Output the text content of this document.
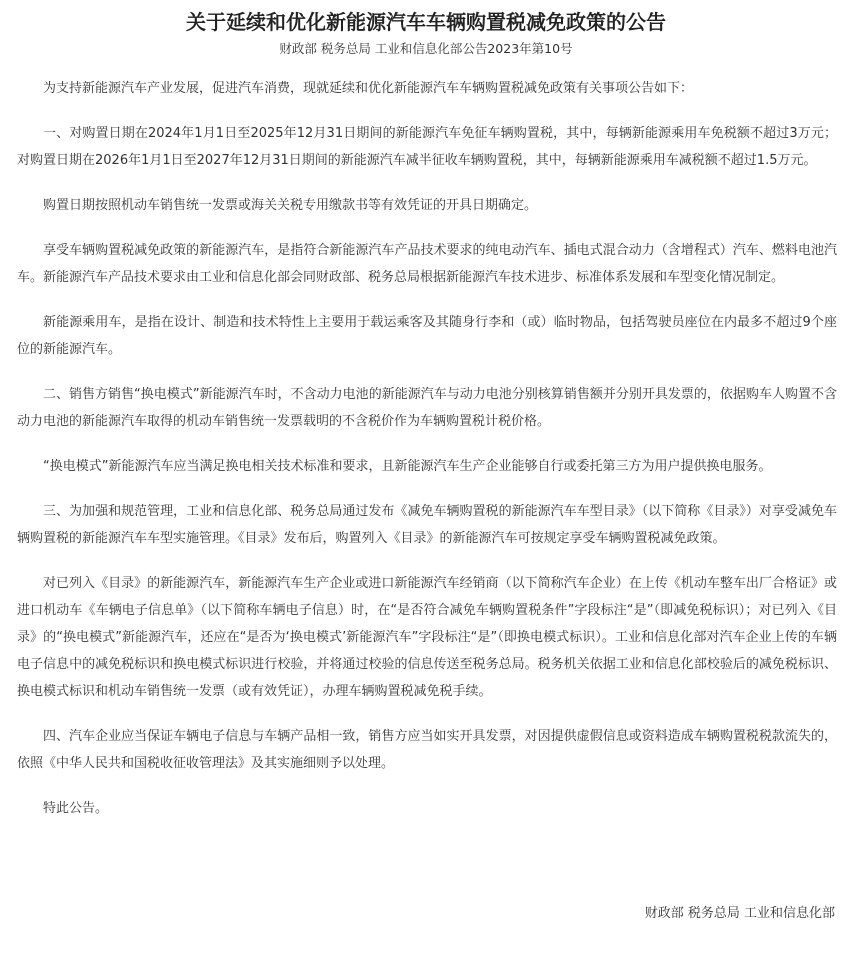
关于延续和优化新能源汽车车辆购置税减免政策的公告
财政部 税务总局 工业和信息化部公告2023年第10号

为支持新能源汽车产业发展，促进汽车消费，现就延续和优化新能源汽车车辆购置税减免政策有关事项公告如下：

一、对购置日期在2024年1月1日至2025年12月31日期间的新能源汽车免征车辆购置税，其中，每辆新能源乘用车免税额不超过3万元；对购置日期在2026年1月1日至2027年12月31日期间的新能源汽车减半征收车辆购置税，其中，每辆新能源乘用车减税额不超过1.5万元。

购置日期按照机动车销售统一发票或海关关税专用缴款书等有效凭证的开具日期确定。

享受车辆购置税减免政策的新能源汽车，是指符合新能源汽车产品技术要求的纯电动汽车、插电式混合动力（含增程式）汽车、燃料电池汽车。新能源汽车产品技术要求由工业和信息化部会同财政部、税务总局根据新能源汽车技术进步、标准体系发展和车型变化情况制定。

新能源乘用车，是指在设计、制造和技术特性上主要用于载运乘客及其随身行李和（或）临时物品，包括驾驶员座位在内最多不超过9个座位的新能源汽车。

二、销售方销售“换电模式”新能源汽车时，不含动力电池的新能源汽车与动力电池分别核算销售额并分别开具发票的，依据购车人购置不含动力电池的新能源汽车取得的机动车销售统一发票载明的不含税价作为车辆购置税计税价格。

“换电模式”新能源汽车应当满足换电相关技术标准和要求，且新能源汽车生产企业能够自行或委托第三方为用户提供换电服务。

三、为加强和规范管理，工业和信息化部、税务总局通过发布《减免车辆购置税的新能源汽车车型目录》（以下简称《目录》）对享受减免车辆购置税的新能源汽车车型实施管理。《目录》发布后，购置列入《目录》的新能源汽车可按规定享受车辆购置税减免政策。

对已列入《目录》的新能源汽车，新能源汽车生产企业或进口新能源汽车经销商（以下简称汽车企业）在上传《机动车整车出厂合格证》或进口机动车《车辆电子信息单》（以下简称车辆电子信息）时，在“是否符合减免车辆购置税条件”字段标注“是”（即减免税标识）；对已列入《目录》的“换电模式”新能源汽车，还应在“是否为‘换电模式’新能源汽车”字段标注“是”（即换电模式标识）。工业和信息化部对汽车企业上传的车辆电子信息中的减免税标识和换电模式标识进行校验，并将通过校验的信息传送至税务总局。税务机关依据工业和信息化部校验后的减免税标识、换电模式标识和机动车销售统一发票（或有效凭证），办理车辆购置税减免税手续。

四、汽车企业应当保证车辆电子信息与车辆产品相一致，销售方应当如实开具发票，对因提供虚假信息或资料造成车辆购置税税款流失的，依照《中华人民共和国税收征收管理法》及其实施细则予以处理。

特此公告。

财政部 税务总局 工业和信息化部
